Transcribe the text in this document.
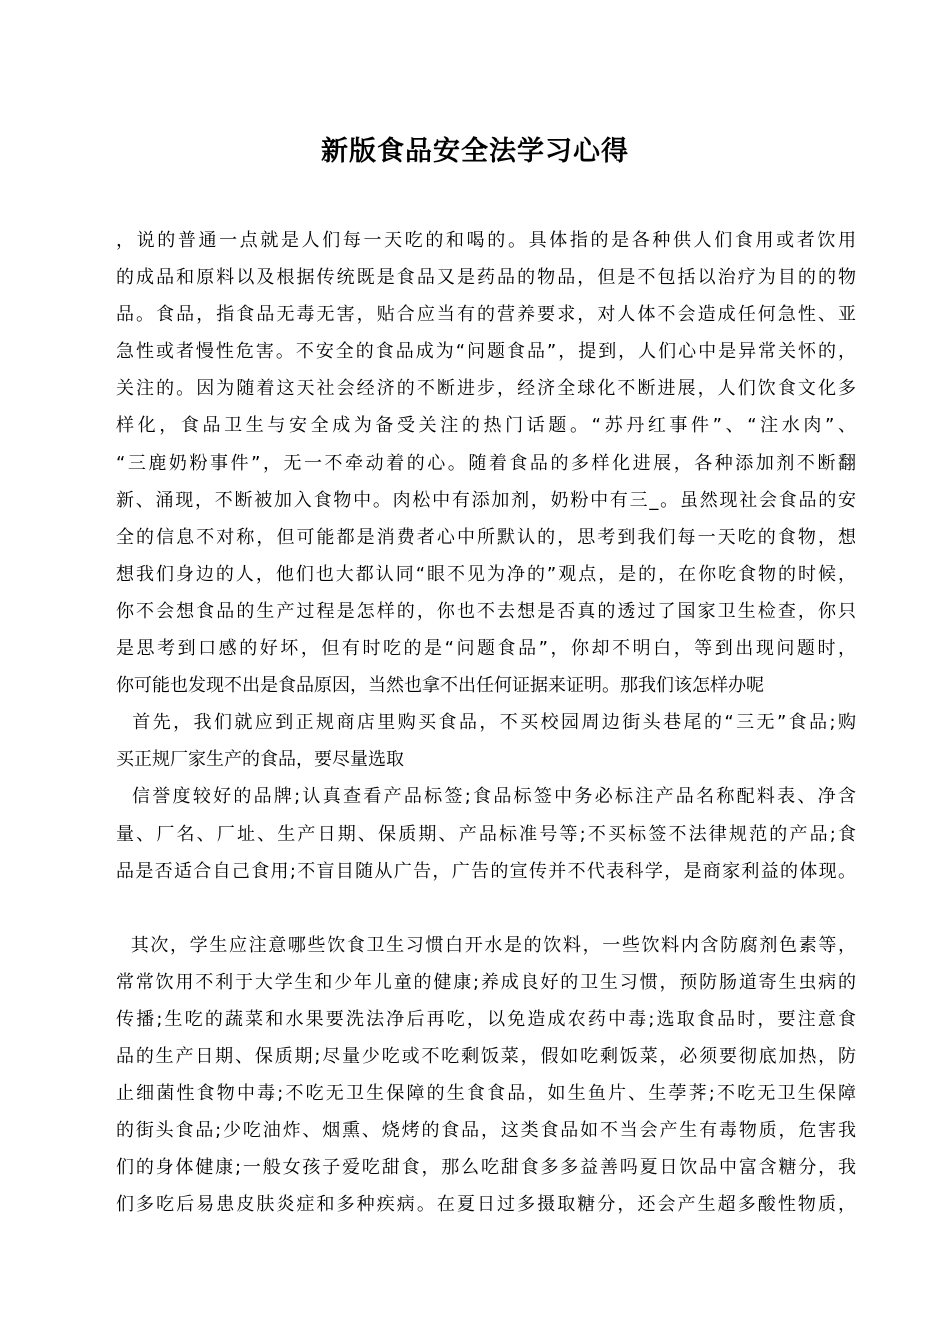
新版食品安全法学习心得
，说的普通一点就是人们每一天吃的和喝的。具体指的是各种供人们食用或者饮用
的成品和原料以及根据传统既是食品又是药品的物品，但是不包括以治疗为目的的物
品。食品，指食品无毒无害，贴合应当有的营养要求，对人体不会造成任何急性、亚
急性或者慢性危害。不安全的食品成为“问题食品”，提到，人们心中是异常关怀的，
关注的。因为随着这天社会经济的不断进步，经济全球化不断进展，人们饮食文化多
样化，食品卫生与安全成为备受关注的热门话题。“苏丹红事件”、“注水肉”、
“三鹿奶粉事件”，无一不牵动着的心。随着食品的多样化进展，各种添加剂不断翻
新、涌现，不断被加入食物中。肉松中有添加剂，奶粉中有三_。虽然现社会食品的安
全的信息不对称，但可能都是消费者心中所默认的，思考到我们每一天吃的食物，想
想我们身边的人，他们也大都认同“眼不见为净的”观点，是的，在你吃食物的时候，
你不会想食品的生产过程是怎样的，你也不去想是否真的透过了国家卫生检查，你只
是思考到口感的好坏，但有时吃的是“问题食品”，你却不明白，等到出现问题时，
你可能也发现不出是食品原因，当然也拿不出任何证据来证明。那我们该怎样办呢
首先，我们就应到正规商店里购买食品，不买校园周边街头巷尾的“三无”食品;购
买正规厂家生产的食品，要尽量选取
信誉度较好的品牌;认真查看产品标签;食品标签中务必标注产品名称配料表、净含
量、厂名、厂址、生产日期、保质期、产品标准号等;不买标签不法律规范的产品;食
品是否适合自己食用;不盲目随从广告，广告的宣传并不代表科学，是商家利益的体现。
其次，学生应注意哪些饮食卫生习惯白开水是的饮料，一些饮料内含防腐剂色素等，
常常饮用不利于大学生和少年儿童的健康;养成良好的卫生习惯，预防肠道寄生虫病的
传播;生吃的蔬菜和水果要洗法净后再吃，以免造成农药中毒;选取食品时，要注意食
品的生产日期、保质期;尽量少吃或不吃剩饭菜，假如吃剩饭菜，必须要彻底加热，防
止细菌性食物中毒;不吃无卫生保障的生食食品，如生鱼片、生荸荠;不吃无卫生保障
的街头食品;少吃油炸、烟熏、烧烤的食品，这类食品如不当会产生有毒物质，危害我
们的身体健康;一般女孩子爱吃甜食，那么吃甜食多多益善吗夏日饮品中富含糖分，我
们多吃后易患皮肤炎症和多种疾病。在夏日过多摄取糖分，还会产生超多酸性物质，
